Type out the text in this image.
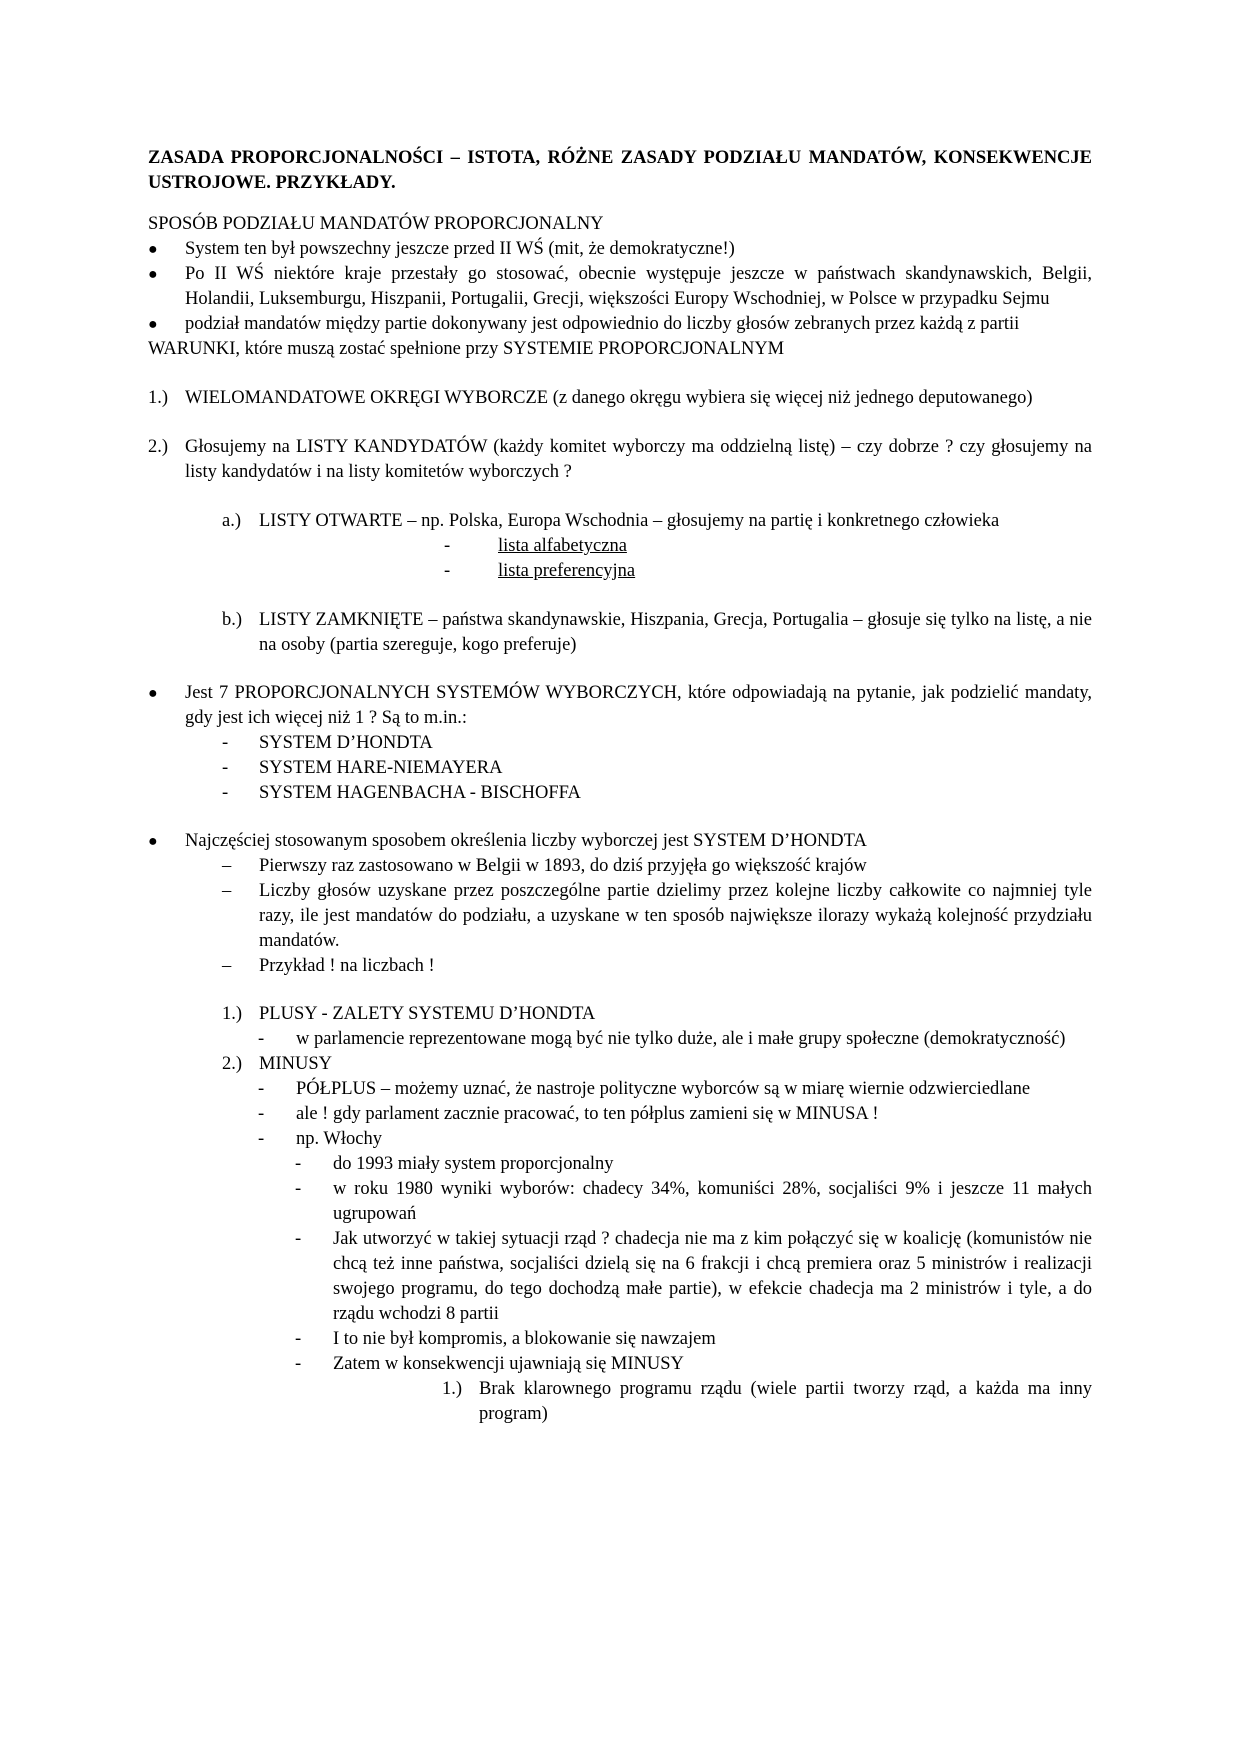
ZASADA PROPORCJONALNOŚCI – ISTOTA, RÓŻNE ZASADY PODZIAŁU MANDATÓW, KONSEKWENCJE USTROJOWE. PRZYKŁADY.

SPOSÓB PODZIAŁU MANDATÓW PROPORCJONALNY

● System ten był powszechny jeszcze przed II WŚ (mit, że demokratyczne!)
● Po II WŚ niektóre kraje przestały go stosować, obecnie występuje jeszcze w państwach skandynawskich, Belgii, Holandii, Luksemburgu, Hiszpanii, Portugalii, Grecji, większości Europy Wschodniej, w Polsce w przypadku Sejmu
● podział mandatów między partie dokonywany jest odpowiednio do liczby głosów zebranych przez każdą z partii

WARUNKI, które muszą zostać spełnione przy SYSTEMIE PROPORCJONALNYM

1.) WIELOMANDATOWE OKRĘGI WYBORCZE (z danego okręgu wybiera się więcej niż jednego deputowanego)
2.) Głosujemy na LISTY KANDYDATÓW (każdy komitet wyborczy ma oddzielną listę) – czy dobrze ? czy głosujemy na listy kandydatów i na listy komitetów wyborczych ?
a.) LISTY OTWARTE – np. Polska, Europa Wschodnia – głosujemy na partię i konkretnego człowieka
-	lista alfabetyczna
-	lista preferencyjna
b.) LISTY ZAMKNIĘTE – państwa skandynawskie, Hiszpania, Grecja, Portugalia – głosuje się tylko na listę, a nie na osoby (partia szereguje, kogo preferuje)
● Jest 7 PROPORCJONALNYCH SYSTEMÓW WYBORCZYCH, które odpowiadają na pytanie, jak podzielić mandaty, gdy jest ich więcej niż 1 ? Są to m.in.:
- SYSTEM D’HONDTA
- SYSTEM HARE-NIEMAYERA
- SYSTEM HAGENBACHA - BISCHOFFA
● Najczęściej stosowanym sposobem określenia liczby wyborczej jest SYSTEM D’HONDTA
– Pierwszy raz zastosowano w Belgii w 1893, do dziś przyjęła go większość krajów
– Liczby głosów uzyskane przez poszczególne partie dzielimy przez kolejne liczby całkowite co najmniej tyle razy, ile jest mandatów do podziału, a uzyskane w ten sposób największe ilorazy wykażą kolejność przydziału mandatów.
– Przykład ! na liczbach !
1.) PLUSY - ZALETY SYSTEMU D’HONDTA
- w parlamencie reprezentowane mogą być nie tylko duże, ale i małe grupy społeczne (demokratyczność)
2.) MINUSY
- PÓŁPLUS – możemy uznać, że nastroje polityczne wyborców są w miarę wiernie odzwierciedlane
- ale ! gdy parlament zacznie pracować, to ten półplus zamieni się w MINUSA !
- np. Włochy
- do 1993 miały system proporcjonalny
- w roku 1980 wyniki wyborów: chadecy 34%, komuniści 28%, socjaliści 9% i jeszcze 11 małych ugrupowań
- Jak utworzyć w takiej sytuacji rząd ? chadecja nie ma z kim połączyć się w koalicję (komunistów nie chcą też inne państwa, socjaliści dzielą się na 6 frakcji i chcą premiera oraz 5 ministrów i realizacji swojego programu, do tego dochodzą małe partie), w efekcie chadecja ma 2 ministrów i tyle, a do rządu wchodzi 8 partii
- I to nie był kompromis, a blokowanie się nawzajem
- Zatem w konsekwencji ujawniają się MINUSY
1.) Brak klarownego programu rządu (wiele partii tworzy rząd, a każda ma inny program)
